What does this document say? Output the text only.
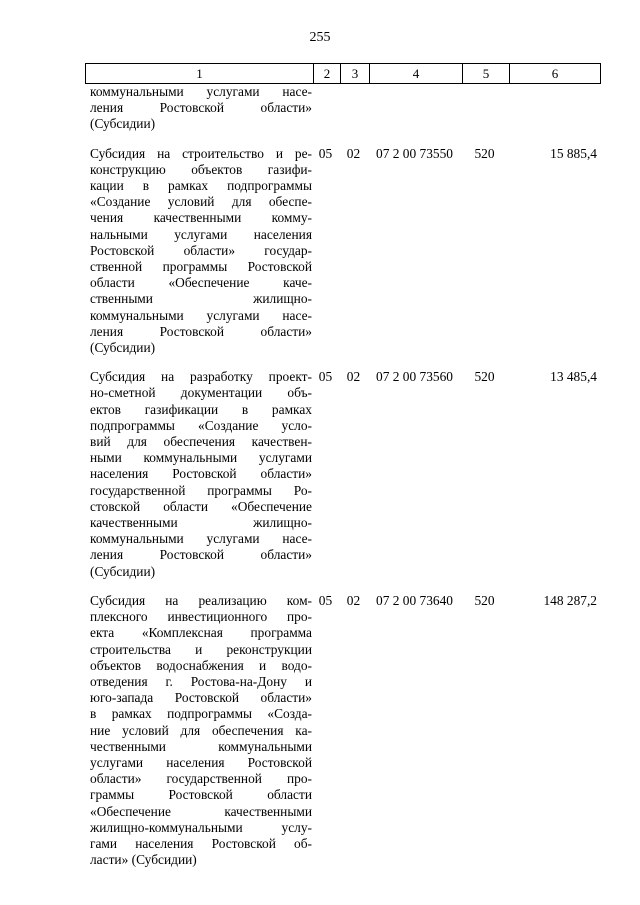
255
1	2	3	4	5	6
коммунальными услугами насе-
ления Ростовской области»
(Субсидии)
Субсидия на строительство и ре-
конструкцию объектов газифи-
кации в рамках подпрограммы
«Создание условий для обеспе-
чения качественными комму-
нальными услугами населения
Ростовской области» государ-
ственной программы Ростовской
области «Обеспечение каче-
ственными жилищно-
коммунальными услугами насе-
ления Ростовской области»
(Субсидии)
05	02	07 2 00 73550	520	15 885,4
Субсидия на разработку проект-
но-сметной документации объ-
ектов газификации в рамках
подпрограммы «Создание усло-
вий для обеспечения качествен-
ными коммунальными услугами
населения Ростовской области»
государственной программы Ро-
стовской области «Обеспечение
качественными жилищно-
коммунальными услугами насе-
ления Ростовской области»
(Субсидии)
05	02	07 2 00 73560	520	13 485,4
Субсидия на реализацию ком-
плексного инвестиционного про-
екта «Комплексная программа
строительства и реконструкции
объектов водоснабжения и водо-
отведения г. Ростова-на-Дону и
юго-запада Ростовской области»
в рамках подпрограммы «Созда-
ние условий для обеспечения ка-
чественными коммунальными
услугами населения Ростовской
области» государственной про-
граммы Ростовской области
«Обеспечение качественными
жилищно-коммунальными услу-
гами населения Ростовской об-
ласти» (Субсидии)
05	02	07 2 00 73640	520	148 287,2
